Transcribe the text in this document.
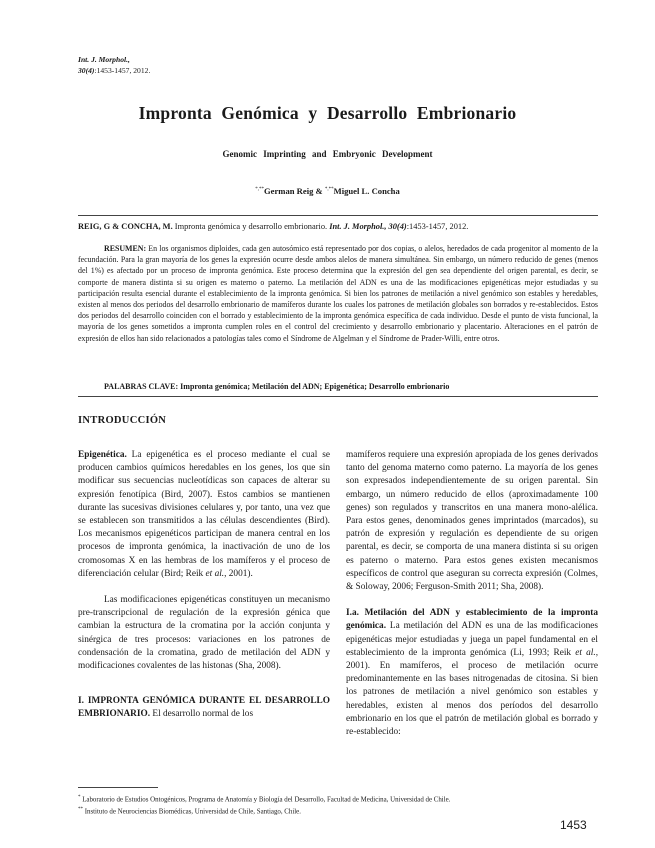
Int. J. Morphol.,
30(4):1453-1457, 2012.
Impronta Genómica y Desarrollo Embrionario
Genomic Imprinting and Embryonic Development
*,**German Reig & *,**Miguel L. Concha
REIG, G & CONCHA, M. Impronta genómica y desarrollo embrionario. Int. J. Morphol., 30(4):1453-1457, 2012.
RESUMEN: En los organismos diploides, cada gen autosómico está representado por dos copias, o alelos, heredados de cada progenitor al momento de la fecundación. Para la gran mayoría de los genes la expresión ocurre desde ambos alelos de manera simultánea. Sin embargo, un número reducido de genes (menos del 1%) es afectado por un proceso de impronta genómica. Este proceso determina que la expresión del gen sea dependiente del origen parental, es decir, se comporte de manera distinta si su origen es materno o paterno. La metilación del ADN es una de las modificaciones epigenéticas mejor estudiadas y su participación resulta esencial durante el establecimiento de la impronta genómica. Si bien los patrones de metilación a nivel genómico son estables y heredables, existen al menos dos periodos del desarrollo embrionario de mamíferos durante los cuales los patrones de metilación globales son borrados y re-establecidos. Estos dos periodos del desarrollo coinciden con el borrado y establecimiento de la impronta genómica específica de cada individuo. Desde el punto de vista funcional, la mayoría de los genes sometidos a impronta cumplen roles en el control del crecimiento y desarrollo embrionario y placentario. Alteraciones en el patrón de expresión de ellos han sido relacionados a patologías tales como el Síndrome de Algelman y el Síndrome de Prader-Willi, entre otros.
PALABRAS CLAVE: Impronta genómica; Metilación del ADN; Epigenética; Desarrollo embrionario
INTRODUCCIÓN

Epigenética. La epigenética es el proceso mediante el cual se producen cambios químicos heredables en los genes, los que sin modificar sus secuencias nucleotídicas son capaces de alterar su expresión fenotípica (Bird, 2007). Estos cambios se mantienen durante las sucesivas divisiones celulares y, por tanto, una vez que se establecen son transmitidos a las células descendientes (Bird). Los mecanismos epigenéticos participan de manera central en los procesos de impronta genómica, la inactivación de uno de los cromosomas X en las hembras de los mamíferos y el proceso de diferenciación celular (Bird; Reik et al., 2001).

Las modificaciones epigenéticas constituyen un mecanismo pre-transcripcional de regulación de la expresión génica que cambian la estructura de la cromatina por la acción conjunta y sinérgica de tres procesos: variaciones en los patrones de condensación de la cromatina, grado de metilación del ADN y modificaciones covalentes de las histonas (Sha, 2008).

I. IMPRONTA GENÓMICA DURANTE EL DESARROLLO EMBRIONARIO. El desarrollo normal de los

mamíferos requiere una expresión apropiada de los genes derivados tanto del genoma materno como paterno. La mayoría de los genes son expresados independientemente de su origen parental. Sin embargo, un número reducido de ellos (aproximadamente 100 genes) son regulados y transcritos en una manera mono-alélica. Para estos genes, denominados genes imprintados (marcados), su patrón de expresión y regulación es dependiente de su origen parental, es decir, se comporta de una manera distinta si su origen es paterno o materno. Para estos genes existen mecanismos específicos de control que aseguran su correcta expresión (Colmes, & Soloway, 2006; Ferguson-Smith 2011; Sha, 2008).

I.a. Metilación del ADN y establecimiento de la impronta genómica. La metilación del ADN es una de las modificaciones epigenéticas mejor estudiadas y juega un papel fundamental en el establecimiento de la impronta genómica (Li, 1993; Reik et al., 2001). En mamíferos, el proceso de metilación ocurre predominantemente en las bases nitrogenadas de citosina. Si bien los patrones de metilación a nivel genómico son estables y heredables, existen al menos dos períodos del desarrollo embrionario en los que el patrón de metilación global es borrado y re-establecido:

* Laboratorio de Estudios Ontogénicos, Programa de Anatomía y Biología del Desarrollo, Facultad de Medicina, Universidad de Chile.
** Instituto de Neurociencias Biomédicas, Universidad de Chile, Santiago, Chile.
1453
